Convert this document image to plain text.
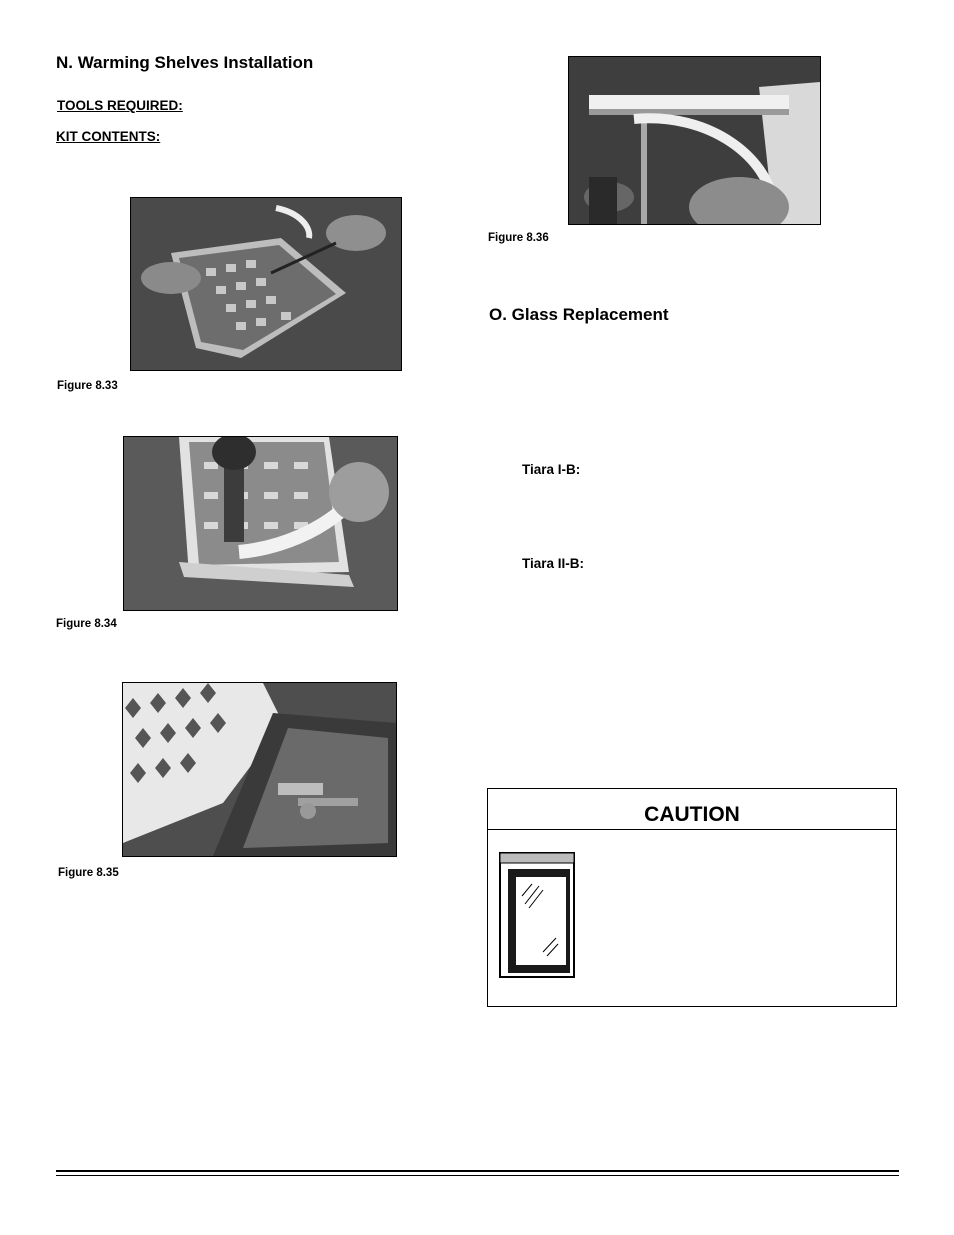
N. Warming Shelves Installation
TOOLS REQUIRED:
KIT CONTENTS:
Figure 8.33
Figure 8.34
Figure 8.35
Figure 8.36
O. Glass Replacement
Tiara I-B:
Tiara II-B:
CAUTION
